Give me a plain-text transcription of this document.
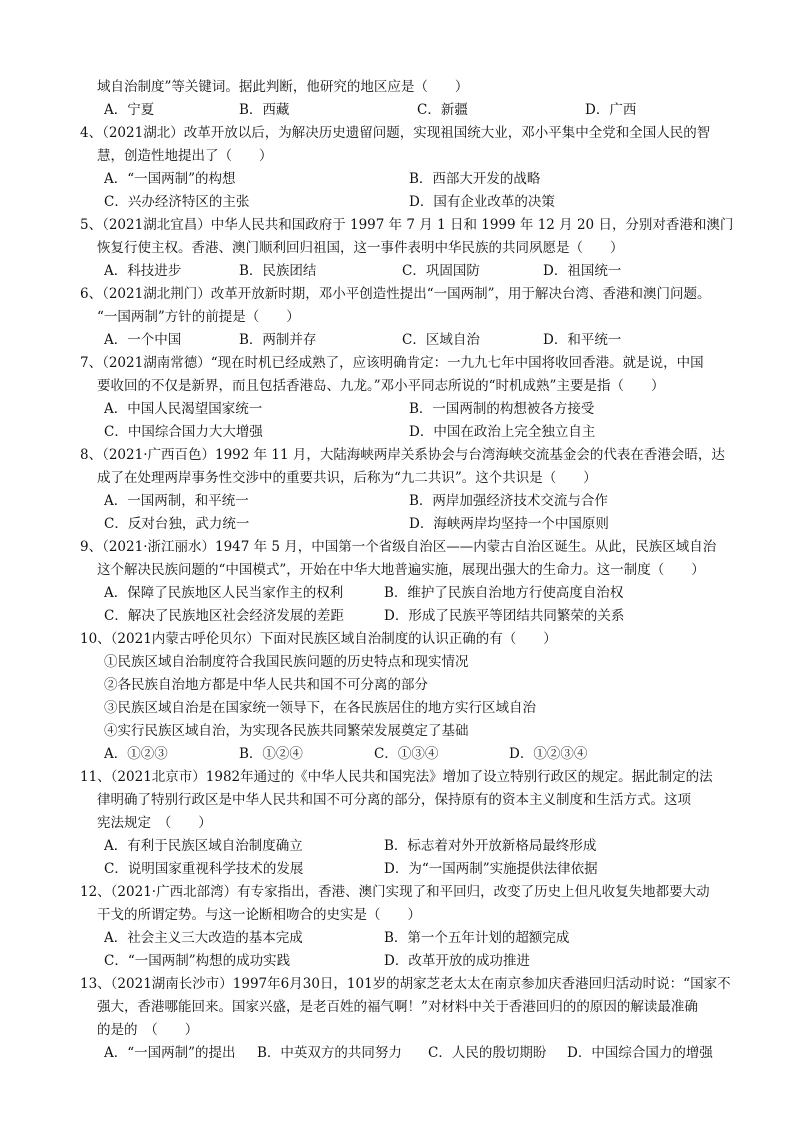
域自治制度”等关键词。据此判断，他研究的地区应是（　　）
A．宁夏	B．西藏	C．新疆	D．广西
4、（2021湖北）改革开放以后，为解决历史遗留问题，实现祖国统大业，邓小平集中全党和全国人民的智
慧，创造性地提出了（　　）
A．“一国两制”的构想	B．西部大开发的战略
C．兴办经济特区的主张	D．国有企业改革的决策
5、（2021湖北宜昌）中华人民共和国政府于 1997 年 7 月 1 日和 1999 年 12 月 20 日，分别对香港和澳门
恢复行使主权。香港、澳门顺利回归祖国，这一事件表明中华民族的共同夙愿是（　　）
A．科技进步	B．民族团结	C．巩固国防	D．祖国统一
6、（2021湖北荆门）改革开放新时期，邓小平创造性提出“一国两制”，用于解决台湾、香港和澳门问题。
“一国两制”方针的前提是（　　）
A．一个中国	B．两制并存	C．区域自治	D．和平统一
7、（2021湖南常德）“现在时机已经成熟了，应该明确肯定：一九九七年中国将收回香港。就是说，中国
要收回的不仅是新界，而且包括香港岛、九龙。”邓小平同志所说的“时机成熟”主要是指（　　）
A．中国人民渴望国家统一	B．一国两制的构想被各方接受
C．中国综合国力大大增强	D．中国在政治上完全独立自主
8、（2021·广西百色）1992 年 11 月，大陆海峡两岸关系协会与台湾海峡交流基金会的代表在香港会晤，达
成了在处理两岸事务性交涉中的重要共识，后称为“九二共识”。这个共识是（　　）
A．一国两制，和平统一	B．两岸加强经济技术交流与合作
C．反对台独，武力统一	D．海峡两岸均坚持一个中国原则
9、（2021·浙江丽水）1947 年 5 月，中国第一个省级自治区——内蒙古自治区诞生。从此，民族区域自治
这个解决民族问题的“中国模式”，开始在中华大地普遍实施，展现出强大的生命力。这一制度（　　）
A．保障了民族地区人民当家作主的权利	B．维护了民族自治地方行使高度自治权
C．解决了民族地区社会经济发展的差距	D．形成了民族平等团结共同繁荣的关系
10、（2021内蒙古呼伦贝尔）下面对民族区域自治制度的认识正确的有（　　）
①民族区域自治制度符合我国民族问题的历史特点和现实情况
②各民族自治地方都是中华人民共和国不可分离的部分
③民族区域自治是在国家统一领导下，在各民族居住的地方实行区域自治
④实行民族区域自治，为实现各民族共同繁荣发展奠定了基础
A．①②③	B．①②④	C．①③④	D．①②③④
11、（2021北京市）1982年通过的《中华人民共和国宪法》增加了设立特别行政区的规定。据此制定的法
律明确了特别行政区是中华人民共和国不可分离的部分，保持原有的资本主义制度和生活方式。这项
宪法规定　（　　）
A．有利于民族区域自治制度确立	B．标志着对外开放新格局最终形成
C．说明国家重视科学技术的发展	D．为“一国两制”实施提供法律依据
12、（2021·广西北部湾）有专家指出，香港、澳门实现了和平回归，改变了历史上但凡收复失地都要大动
干戈的所谓定势。与这一论断相吻合的史实是（　　）
A．社会主义三大改造的基本完成	B．第一个五年计划的超额完成
C．“一国两制”构想的成功实践	D．改革开放的成功推进
13、（2021湖南长沙市）1997年6月30日，101岁的胡家芝老太太在南京参加庆香港回归活动时说：“国家不
强大，香港哪能回来。国家兴盛，是老百姓的福气啊！”对材料中关于香港回归的的原因的解读最准确
的是的　（　　）
A．“一国两制”的提出 B．中英双方的共同努力 C．人民的殷切期盼 D．中国综合国力的增强
